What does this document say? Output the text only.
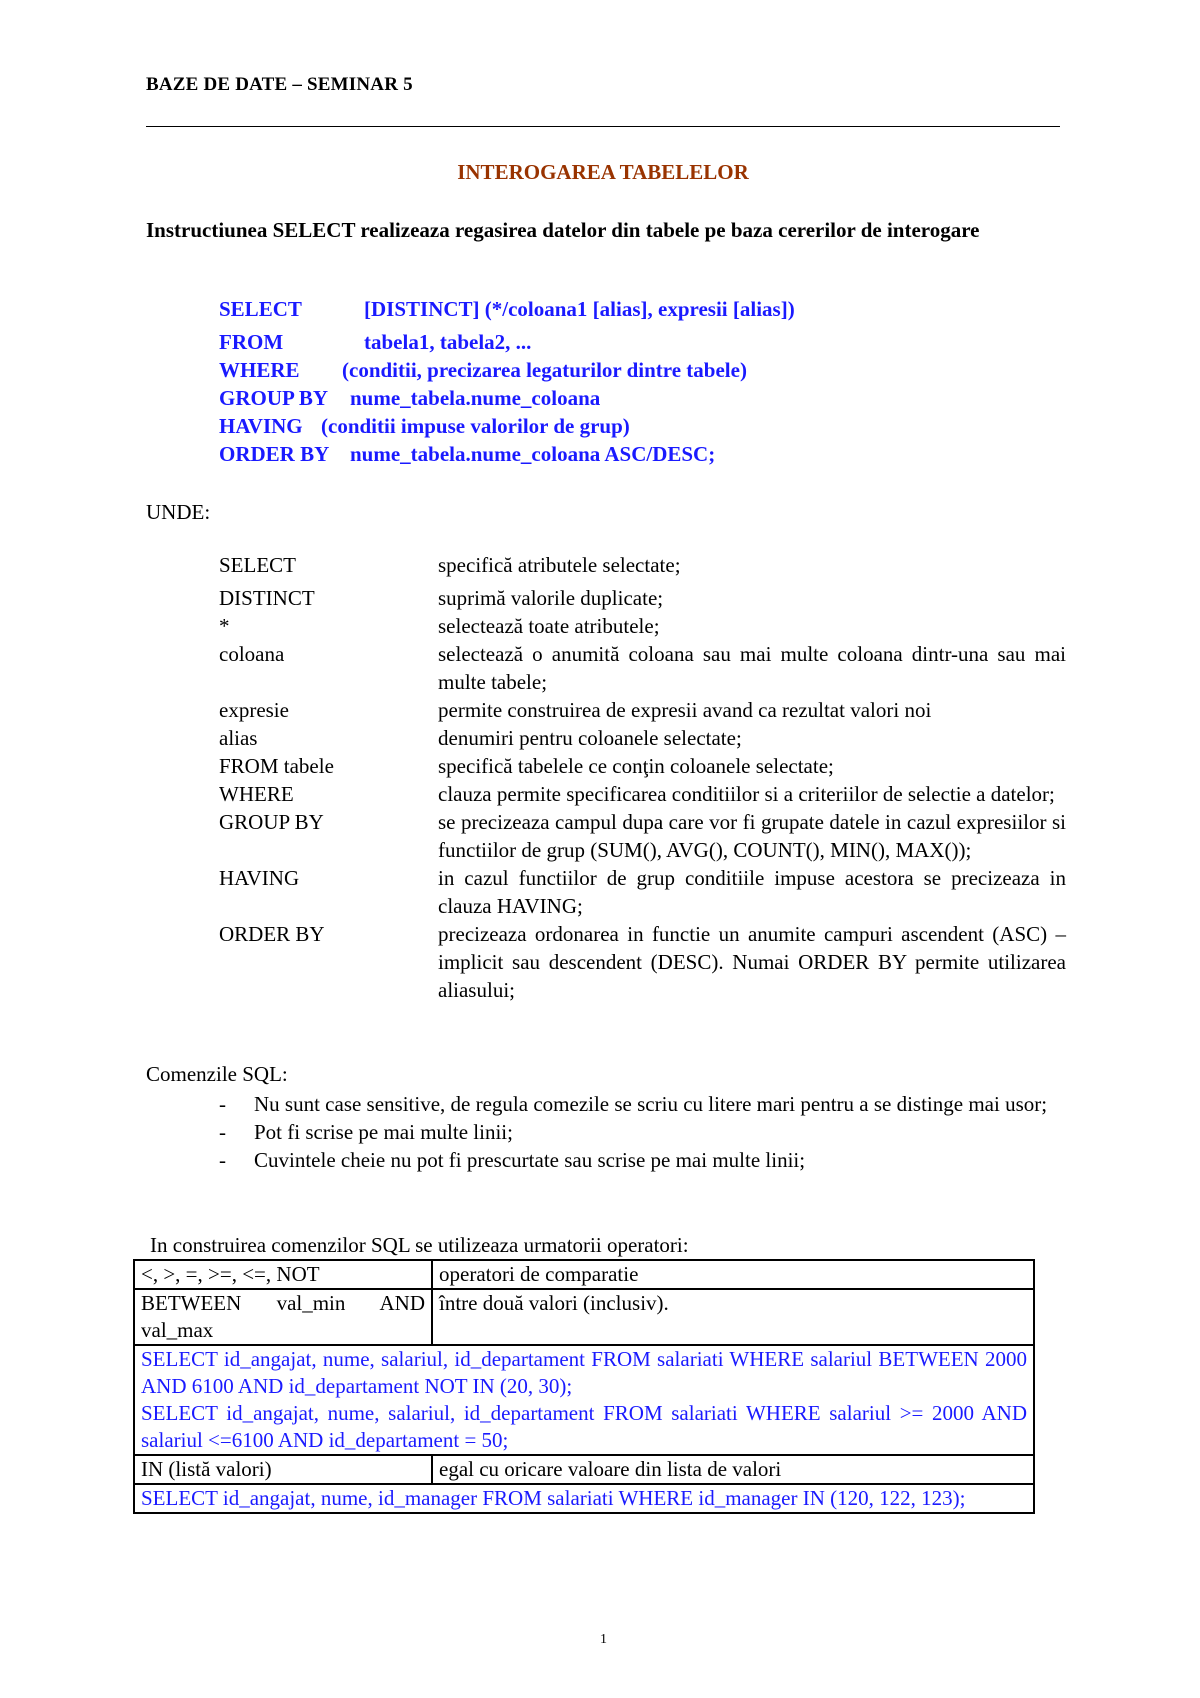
BAZE DE DATE – SEMINAR 5
INTEROGAREA TABELELOR
Instructiunea SELECT realizeaza regasirea datelor din tabele pe baza cererilor de interogare
SELECT	[DISTINCT] (*/coloana1 [alias], expresii [alias])
FROM	tabela1, tabela2, ...
WHERE	(conditii, precizarea legaturilor dintre tabele)
GROUP BY	nume_tabela.nume_coloana
HAVING (conditii impuse valorilor de grup)
ORDER BY nume_tabela.nume_coloana ASC/DESC;
UNDE:
SELECT	specifică atributele selectate;
DISTINCT	suprimă valorile duplicate;
*	selectează toate atributele;
coloana	selectează o anumită coloana sau mai multe coloana dintr-una sau mai multe tabele;
expresie	permite construirea de expresii avand ca rezultat valori noi
alias	denumiri pentru coloanele selectate;
FROM tabele	specifică tabelele ce conţin coloanele selectate;
WHERE	clauza permite specificarea conditiilor si a criteriilor de selectie a datelor;
GROUP BY	se precizeaza campul dupa care vor fi grupate datele in cazul expresiilor si functiilor de grup (SUM(), AVG(), COUNT(), MIN(), MAX());
HAVING	in cazul functiilor de grup conditiile impuse acestora se precizeaza in clauza HAVING;
ORDER BY	precizeaza ordonarea in functie un anumite campuri ascendent (ASC) – implicit sau descendent (DESC). Numai ORDER BY permite utilizarea aliasului;
Comenzile SQL:
-	Nu sunt case sensitive, de regula comezile se scriu cu litere mari pentru a se distinge mai usor;
-	Pot fi scrise pe mai multe linii;
-	Cuvintele cheie nu pot fi prescurtate sau scrise pe mai multe linii;
In construirea comenzilor SQL se utilizeaza urmatorii operatori:
<, >, =, >=, <=, NOT	operatori de comparatie
BETWEEN val_min AND val_max	între două valori (inclusiv).

SELECT id_angajat, nume, salariul, id_departament FROM salariati WHERE salariul BETWEEN 2000 AND 6100 AND id_departament NOT IN (20, 30);
SELECT id_angajat, nume, salariul, id_departament FROM salariati WHERE salariul >= 2000 AND salariul <=6100 AND id_departament = 50;	

IN (listă valori)	egal cu oricare valoare din lista de valori

SELECT id_angajat, nume, id_manager FROM salariati WHERE id_manager IN (120, 122, 123);	
1
